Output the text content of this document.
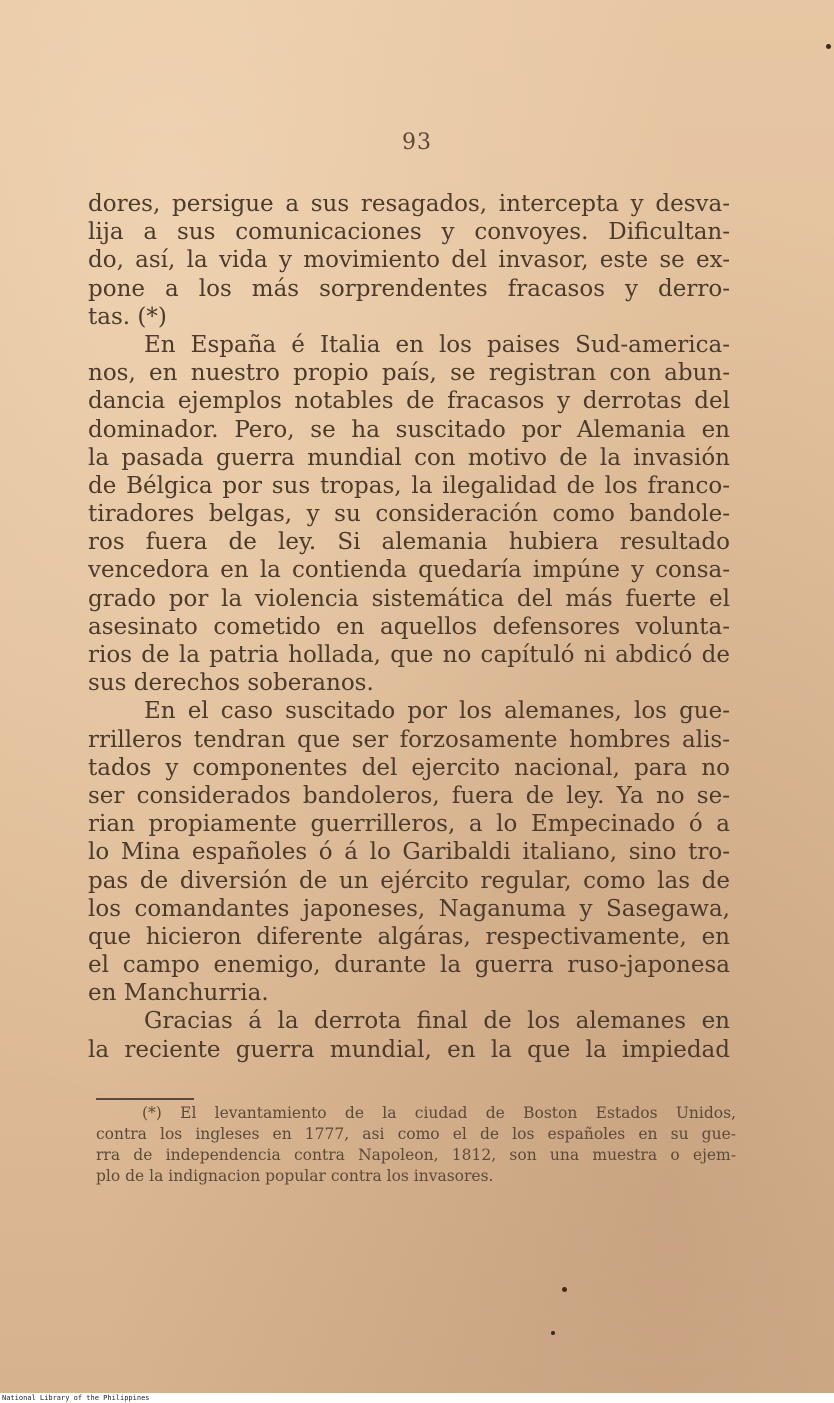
93
dores, persigue a sus resagados, intercepta y desva-
lija a sus comunicaciones y convoyes. Dificultan-
do, así, la vida y movimiento del invasor, este se ex-
pone a los más sorprendentes fracasos y derro-
tas. (*)
En España é Italia en los paises Sud-america-
nos, en nuestro propio país, se registran con abun-
dancia ejemplos notables de fracasos y derrotas del
dominador. Pero, se ha suscitado por Alemania en
la pasada guerra mundial con motivo de la invasión
de Bélgica por sus tropas, la ilegalidad de los franco-
tiradores belgas, y su consideración como bandole-
ros fuera de ley. Si alemania hubiera resultado
vencedora en la contienda quedaría impúne y consa-
grado por la violencia sistemática del más fuerte el
asesinato cometido en aquellos defensores volunta-
rios de la patria hollada, que no capítuló ni abdicó de
sus derechos soberanos.
En el caso suscitado por los alemanes, los gue-
rrilleros tendran que ser forzosamente hombres alis-
tados y componentes del ejercito nacional, para no
ser considerados bandoleros, fuera de ley. Ya no se-
rian propiamente guerrilleros, a lo Empecinado ó a
lo Mina españoles ó á lo Garibaldi italiano, sino tro-
pas de diversión de un ejército regular, como las de
los comandantes japoneses, Naganuma y Sasegawa,
que hicieron diferente algáras, respectivamente, en
el campo enemigo, durante la guerra ruso-japonesa
en Manchurria.
Gracias á la derrota final de los alemanes en
la reciente guerra mundial, en la que la impiedad
(*) El levantamiento de la ciudad de Boston Estados Unidos,
contra los ingleses en 1777, asi como el de los españoles en su gue-
rra de independencia contra Napoleon, 1812, son una muestra o ejem-
plo de la indignacion popular contra los invasores.
National Library of the Philippines
